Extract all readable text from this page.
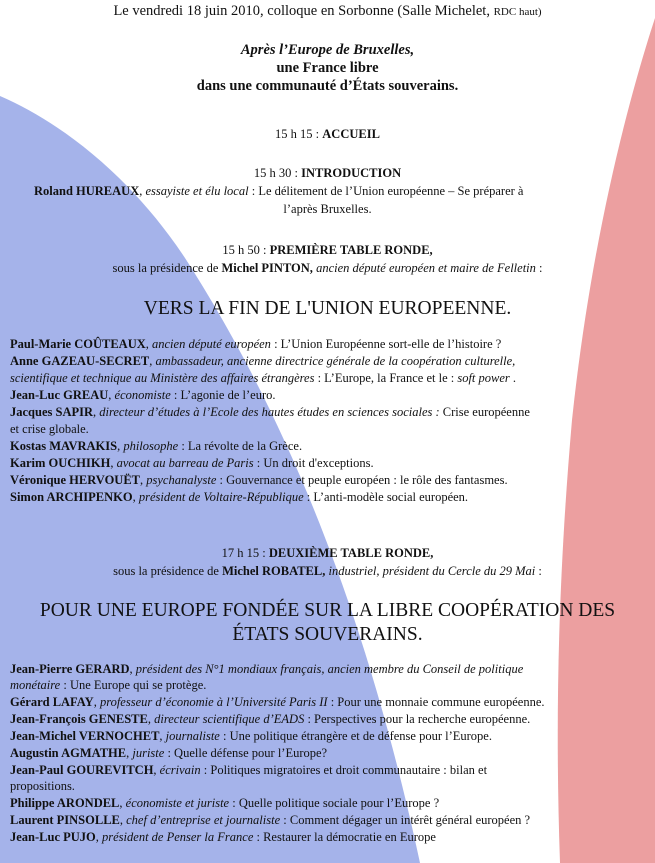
Le vendredi 18 juin 2010, colloque en Sorbonne (Salle Michelet, RDC haut)
Après l’Europe de Bruxelles,
une France libre
dans une communauté d’États souverains.
15 h 15 : ACCUEIL
15 h 30 : INTRODUCTION
Roland HUREAUX, essayiste et élu local : Le délitement de l’Union européenne – Se préparer à
l’après Bruxelles.
15 h 50 : PREMIÈRE TABLE RONDE,
sous la présidence de Michel PINTON, ancien député européen et maire de Felletin :
VERS LA FIN DE L'UNION EUROPEENNE.
Paul-Marie COÛTEAUX, ancien député européen : L’Union Européenne sort-elle de l’histoire ?
Anne GAZEAU-SECRET, ambassadeur, ancienne directrice générale de la coopération culturelle,
scientifique et technique au Ministère des affaires étrangères : L’Europe, la France et le : soft power .
Jean-Luc GREAU, économiste : L’agonie de l’euro.
Jacques SAPIR, directeur d’études à l’Ecole des hautes études en sciences sociales : Crise européenne
et crise globale.
Kostas MAVRAKIS, philosophe : La révolte de la Grèce.
Karim OUCHIKH, avocat au barreau de Paris : Un droit d'exceptions.
Véronique HERVOUËT, psychanalyste : Gouvernance et peuple européen : le rôle des fantasmes.
Simon ARCHIPENKO, président de Voltaire-République : L’anti-modèle social européen.
17 h 15 : DEUXIÈME TABLE RONDE,
sous la présidence de Michel ROBATEL, industriel, président du Cercle du 29 Mai :
POUR UNE EUROPE FONDÉE SUR LA LIBRE COOPÉRATION DES
ÉTATS SOUVERAINS.
Jean-Pierre GERARD, président des N°1 mondiaux français, ancien membre du Conseil de politique
monétaire : Une Europe qui se protège.
Gérard LAFAY, professeur d’économie à l’Université Paris II : Pour une monnaie commune européenne.
Jean-François GENESTE, directeur scientifique d’EADS : Perspectives pour la recherche européenne.
Jean-Michel VERNOCHET, journaliste : Une politique étrangère et de défense pour l’Europe.
Augustin AGMATHE, juriste : Quelle défense pour l’Europe?
Jean-Paul GOUREVITCH, écrivain : Politiques migratoires et droit communautaire : bilan et
propositions.
Philippe ARONDEL, économiste et juriste : Quelle politique sociale pour l’Europe ?
Laurent PINSOLLE, chef d’entreprise et journaliste : Comment dégager un intérêt général européen ?
Jean-Luc PUJO, président de Penser la France : Restaurer la démocratie en Europe
